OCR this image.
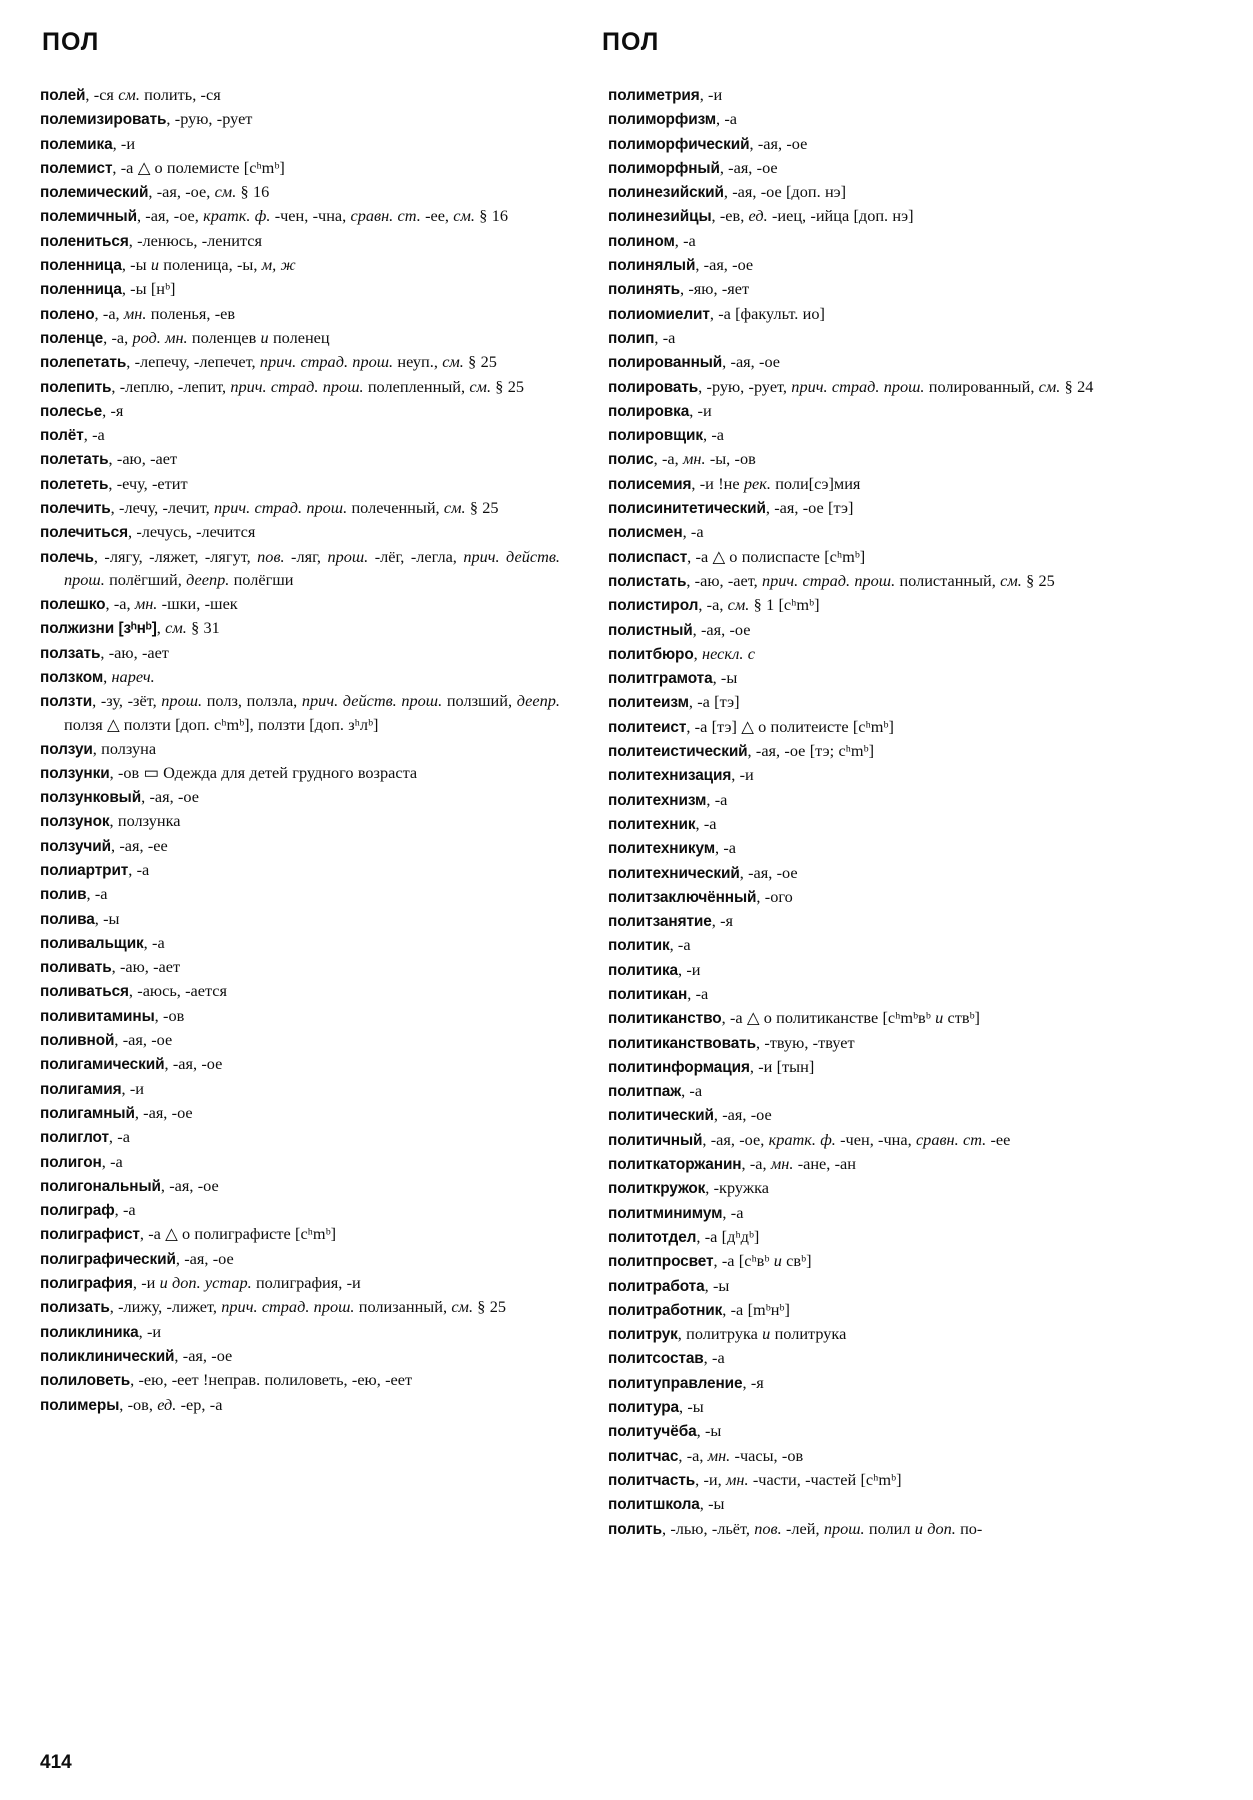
ПОЛ	ПОЛ

полей, -ся см. полить, -ся

полемизировать, -рую, -рует

полемика, -и

полемист, -а △ о полемисте [сʰmᵇ]

полемический, -ая, -ое, см. § 16

полемичный, -ая, -ое, кратк. ф. -чен, -чна, сравн. ст. -ее, см. § 16

полениться, -ленюсь, -ленится

поленница, -ы и поленица, -ы, м, ж

поленница, -ы [нᵇ]

полено, -а, мн. поленья, -ев

поленце, -а, род. мн. поленцев и поленец

полепетать, -лепечу, -лепечет, прич. страд. прош. неуп., см. § 25

полепить, -леплю, -лепит, прич. страд. прош. полепленный, см. § 25

полесье, -я

полёт, -а

полетать, -аю, -ает

полететь, -ечу, -етит

полечить, -лечу, -лечит, прич. страд. прош. полеченный, см. § 25

полечиться, -лечусь, -лечится

полечь, -лягу, -ляжет, -лягут, пов. -ляг, прош. -лёг, -легла, прич. действ. прош. полёгший, деепр. полёгши

полешко, -а, мн. -шки, -шек

полжизни [зʰнᵇ], см. § 31

ползать, -аю, -ает

ползком, нареч.

ползти, -зу, -зёт, прош. полз, ползла, прич. действ. прош. ползший, деепр. ползя △ ползти [доп. сʰmᵇ], ползти [доп. зʰлᵇ]

ползуи, ползуна

ползунки, -ов ▭ Одежда для детей грудного возраста

ползунковый, -ая, -ое

ползунок, ползунка

ползучий, -ая, -ее

полиартрит, -а

полив, -а

полива, -ы

поливальщик, -а

поливать, -аю, -ает

поливаться, -аюсь, -ается

поливитамины, -ов

поливной, -ая, -ое

полигамический, -ая, -ое

полигамия, -и

полигамный, -ая, -ое

полиглот, -а

полигон, -а

полигональный, -ая, -ое

полиграф, -а

полиграфист, -а △ о полиграфисте [сʰmᵇ]

полиграфический, -ая, -ое

полиграфия, -и и доп. устар. полиграфия, -и

полизать, -лижу, -лижет, прич. страд. прош. полизанный, см. § 25

поликлиника, -и

поликлинический, -ая, -ое

полиловеть, -ею, -еет !неправ. полиловеть, -ею, -еет

полимеры, -ов, ед. -ер, -а

полиметрия, -и

полиморфизм, -а

полиморфический, -ая, -ое

полиморфный, -ая, -ое

полинезийский, -ая, -ое [доп. нэ]

полинезийцы, -ев, ед. -иец, -ийца [доп. нэ]

полином, -а

полинялый, -ая, -ое

полинять, -яю, -яет

полиомиелит, -а [факульт. ио]

полип, -а

полированный, -ая, -ое

полировать, -рую, -рует, прич. страд. прош. полированный, см. § 24

полировка, -и

полировщик, -а

полис, -а, мн. -ы, -ов

полисемия, -и !не рек. поли[сэ]мия

полисинитетический, -ая, -ое [тэ]

полисмен, -а

полиспаст, -а △ о полиспасте [сʰmᵇ]

полистать, -аю, -ает, прич. страд. прош. полистанный, см. § 25

полистирол, -а, см. § 1 [сʰmᵇ]

полистный, -ая, -ое

политбюро, нескл. с

политграмота, -ы

политеизм, -а [тэ]

политеист, -а [тэ] △ о политеисте [сʰmᵇ]

политеистический, -ая, -ое [тэ; сʰmᵇ]

политехнизация, -и

политехнизм, -а

политехник, -а

политехникум, -а

политехнический, -ая, -ое

политзаключённый, -ого

политзанятие, -я

политик, -а

политика, -и

политикан, -а

политиканство, -а △ о политиканстве [сʰmᵇвᵇ и ствᵇ]

политиканствовать, -твую, -твует

политинформация, -и [тын]

политпаж, -а

политический, -ая, -ое

политичный, -ая, -ое, кратк. ф. -чен, -чна, сравн. ст. -ее

политкаторжанин, -а, мн. -ане, -ан

политкружок, -кружка

политминимум, -а

политотдел, -а [дʰдᵇ]

политпросвет, -а [сʰвᵇ и свᵇ]

политработа, -ы

политработник, -а [mᵇнᵇ]

политрук, политрука и политрука

политсостав, -а

политуправление, -я

политура, -ы

политучёба, -ы

политчас, -а, мн. -часы, -ов

политчасть, -и, мн. -части, -частей [сʰmᵇ]

политшкола, -ы

полить, -лью, -льёт, пов. -лей, прош. полил и доп. по-

414
